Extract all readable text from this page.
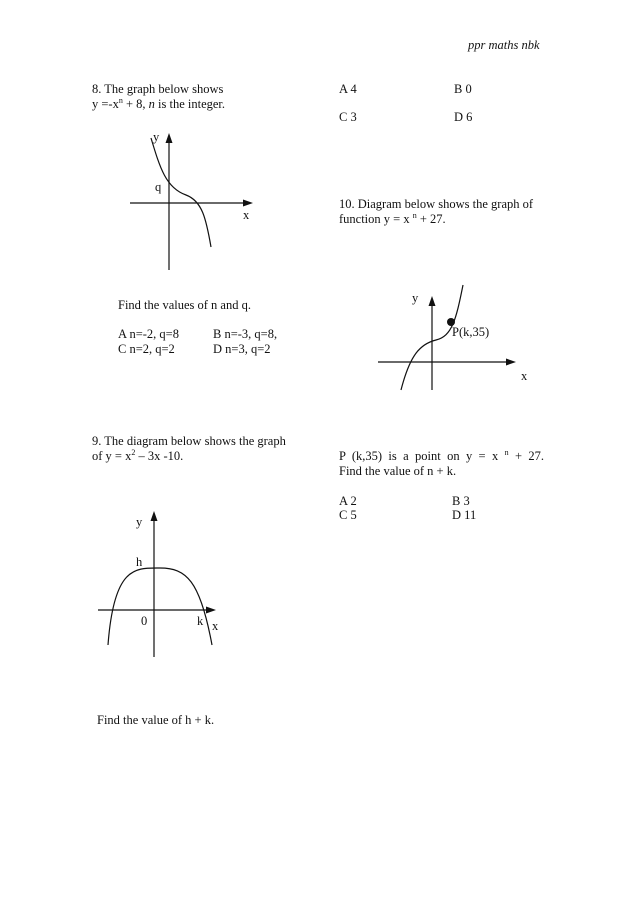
ppr maths nbk
8. The graph below shows
$y =-x^n + 8$, n is the integer.
y
x
q
Find the values of n and q.
A n=-2, q=8	B n=-3, q=8,
C n=2, q=2	D n=3, q=2
A 4	B 0
C 3	D 6
10. Diagram below shows the graph of
function y = x $^n$ + 27.
y
x
P(k,35)
P (k,35) is a point on y = x $^n$ + 27.
Find the value of n + k.
A 2	B 3
C 5	D 11
9. The diagram below shows the graph
of $y = x^2 - 3x$ -10.
y
x
h
0	k
Find the value of h + k.
